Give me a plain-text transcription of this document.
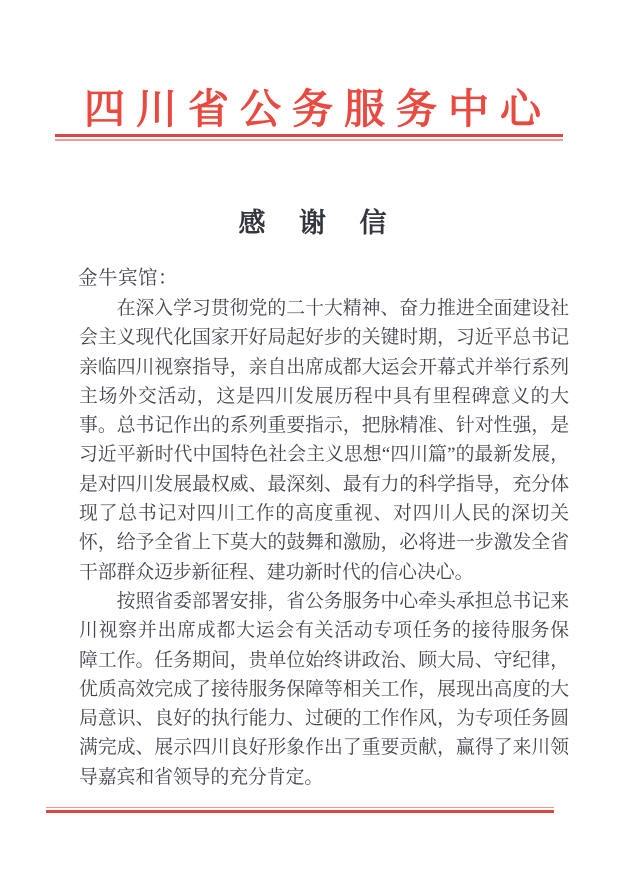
四川省公务服务中心
感 谢 信
金牛宾馆：
在深入学习贯彻党的二十大精神、奋力推进全面建设社
会主义现代化国家开好局起好步的关键时期，习近平总书记
亲临四川视察指导，亲自出席成都大运会开幕式并举行系列
主场外交活动，这是四川发展历程中具有里程碑意义的大
事。总书记作出的系列重要指示，把脉精准、针对性强，是
习近平新时代中国特色社会主义思想“四川篇”的最新发展，
是对四川发展最权威、最深刻、最有力的科学指导，充分体
现了总书记对四川工作的高度重视、对四川人民的深切关
怀，给予全省上下莫大的鼓舞和激励，必将进一步激发全省
干部群众迈步新征程、建功新时代的信心决心。
按照省委部署安排，省公务服务中心牵头承担总书记来
川视察并出席成都大运会有关活动专项任务的接待服务保
障工作。任务期间，贵单位始终讲政治、顾大局、守纪律，
优质高效完成了接待服务保障等相关工作，展现出高度的大
局意识、良好的执行能力、过硬的工作作风，为专项任务圆
满完成、展示四川良好形象作出了重要贡献，赢得了来川领
导嘉宾和省领导的充分肯定。
